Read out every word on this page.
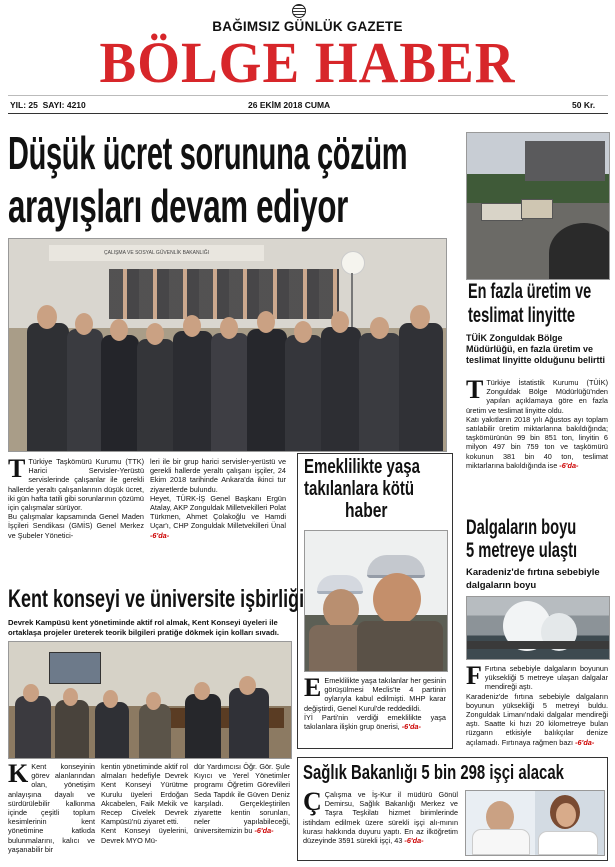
BAĞIMSIZ GÜNLÜK GAZETE
BÖLGE HABER
YIL: 25  SAYI: 4210	26 EKİM 2018 CUMA	50 Kr.
Düşük ücret sorununa çözüm
arayışları devam ediyor
ÇALIŞMA VE SOSYAL GÜVENLİK BAKANLIĞI
T Türkiye Taşkömürü Kurumu (TTK) Harici Servisler-Yerüstü servislerinde çalışanlar ile gerekli hallerde yeraltı çalışanlarının düşük ücret, iki gün hafta tatili gibi sorunlarının çözümü için çalışmalar sürüyor.
Bu çalışmalar kapsamında Genel Maden İşçileri Sendikası (GMİS) Genel Merkez ve Şubeler Yönetici-
leri ile bir grup harici servisler-yerüstü ve gerekli hallerde yeraltı çalışanı işçiler, 24 Ekim 2018 tarihinde Ankara'da ikinci tur ziyaretlerde bulundu.
Heyet, TÜRK-İŞ Genel Başkanı Ergün Atalay, AKP Zonguldak Milletvekilleri Polat Türkmen, Ahmet Çolakoğlu ve Hamdi Uçar'ı, CHP Zonguldak Milletvekilleri Ünal -6'da-
Kent konseyi ve üniversite işbirliği
Devrek Kampüsü kent yönetiminde aktif rol almak, Kent Konseyi üyeleri ile ortaklaşa projeler üreterek teorik bilgileri pratiğe dökmek için kolları sıvadı.
K Kent konseyinin görev alanlarından olan, yönetişim anlayışına dayalı ve sürdürülebilir kalkınma içinde çeşitli toplum kesimlerinin kent yönetimine katkıda bulunmalarını, kalıcı ve yaşanabilir bir
kentin yönetiminde aktif rol almaları hedefiyle Devrek Kent Konseyi Yürütme Kurulu üyeleri Erdoğan Akcabelen, Faik Mekik ve Recep Civelek Devrek Kampüsü'nü ziyaret etti.
Kent Konseyi üyelerini, Devrek MYO Mü-
dür Yardımcısı Öğr. Gör. Şule Kıyıcı ve Yerel Yönetimler programı Öğretim Görevlileri Seda Tapdık ile Güven Deniz karşıladı. Gerçekleştirilen ziyarette kentin sorunları, neler yapılabileceği, üniversitemizin bu -6'da-
Emeklilikte yaşa
takılanlara kötü
haber
E Emeklilikte yaşa takılanlar her gesinin görüşülmesi Meclis'te 4 partinin oylarıyla kabul edilmişti. MHP karar değiştirdi, Genel Kurul'de reddedildi.
İYİ Parti'nin verdiği emeklilikte yaşa takılanlara ilişkin grup önerisi, -6'da-
En fazla üretim ve
teslimat linyitte
TÜİK Zonguldak Bölge Müdürlüğü, en fazla üretim ve teslimat linyitte olduğunu belirtti
T Türkiye İstatistik Kurumu (TÜİK) Zonguldak Bölge Müdürlüğü'nden yapılan açıklamaya göre en fazla üretim ve teslimat linyitte oldu.
Katı yakıtların 2018 yılı Ağustos ayı toplam satılabilir üretim miktarlarına bakıldığında; taşkömürünün 99 bin 851 ton, linyitin 6 milyon 497 bin 759 ton ve taşkömürü kokunun 381 bin 40 ton, teslimat miktarlarına bakıldığında ise -6'da-
Dalgaların boyu
5 metreye ulaştı
Karadeniz'de fırtına sebebiyle dalgaların boyu
F Fırtına sebebiyle dalgaların boyunun yüksekliği 5 metreye ulaşan dalgalar mendireği aştı.
Karadeniz'de fırtına sebebiyle dalgaların boyunun yüksekliği 5 metreyi buldu. Zonguldak Limanı'ndaki dalgalar mendireği aştı. Saatte ki hızı 20 kilometreye bulan rüzgarın etkisiyle balıkçılar denize açılamadı. Fırtınaya rağmen bazı -6'da-
Sağlık Bakanlığı 5 bin 298 işçi alacak
Ç Çalışma ve İş-Kur il müdürü Gönül Demirsu, Sağlık Bakanlığı Merkez ve Taşra Teşkilatı hizmet birimlerinde istihdam edilmek üzere sürekli işçi alı-mının kurası hakkında duyuru yaptı. En az ilköğretim düzeyinde 3591 sürekli işçi, 43 -6'da-
